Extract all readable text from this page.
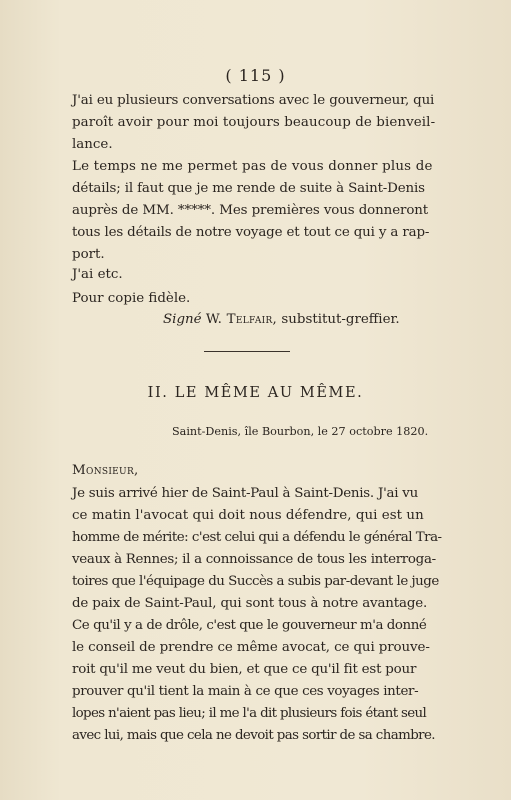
( 115 )
J'ai eu plusieurs conversations avec le gouverneur, qui
paroît avoir pour moi toujours beaucoup de bienveil-
lance.
Le temps ne me permet pas de vous donner plus de
détails; il faut que je me rende de suite à Saint-Denis
auprès de MM. *****. Mes premières vous donneront
tous les détails de notre voyage et tout ce qui y a rap-
port.
J'ai etc.
Pour copie fidèle.
Signé W. Telfair, substitut-greffier.
II. LE MÊME AU MÊME.
Saint-Denis, île Bourbon, le 27 octobre 1820.
Monsieur,
Je suis arrivé hier de Saint-Paul à Saint-Denis. J'ai vu
ce matin l'avocat qui doit nous défendre, qui est un
homme de mérite: c'est celui qui a défendu le général Tra-
veaux à Rennes; il a connoissance de tous les interroga-
toires que l'équipage du Succès a subis par-devant le juge
de paix de Saint-Paul, qui sont tous à notre avantage.
Ce qu'il y a de drôle, c'est que le gouverneur m'a donné
le conseil de prendre ce même avocat, ce qui prouve-
roit qu'il me veut du bien, et que ce qu'il fit est pour
prouver qu'il tient la main à ce que ces voyages inter-
lopes n'aient pas lieu; il me l'a dit plusieurs fois étant seul
avec lui, mais que cela ne devoit pas sortir de sa chambre.
